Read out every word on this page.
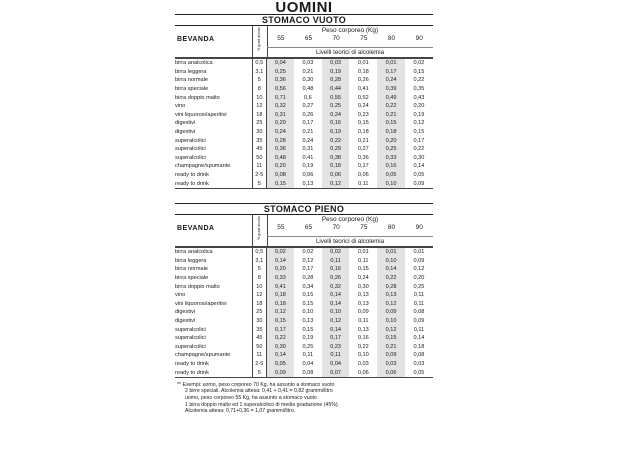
UOMINI
STOMACO VUOTO
BEVANDA	% gradi alcolici	Peso corporeo (Kg)
55	65	70	75	80	90
Livelli teorici di alcolemia
birra analcolica	0,5	0,04	0,03	0,03	0,01	0,01	0,02
birra leggera	3,1	0,25	0,21	0,19	0,18	0,17	0,15
birra normale	5	0,36	0,30	0,28	0,26	0,24	0,22
birra speciale	8	0,56	0,48	0,44	0,41	0,39	0,35
birra doppio malto	10	0,71	0,6	0,55	0,52	0,49	0,43
vino	12	0,32	0,27	0,25	0,24	0,22	0,20
vini liquorosi/aperitivi	18	0,31	0,26	0,24	0,23	0,21	0,19
digestivi	25	0,20	0,17	0,16	0,15	0,15	0,12
digestivi	30	0,24	0,21	0,19	0,18	0,18	0,15
superalcolici	35	0,28	0,24	0,22	0,21	0,20	0,17
superalcolici	45	0,36	0,31	0,29	0,27	0,25	0,22
superalcolici	50	0,48	0,41	0,38	0,36	0,33	0,30
champagne/spumante	11	0,20	0,19	0,18	0,17	0,16	0,14
ready to drink	2-5	0,08	0,06	0,06	0,06	0,05	0,05
ready to drink	5	0,15	0,13	0,12	0,11	0,10	0,09
STOMACO PIENO
BEVANDA	% gradi alcolici	Peso corporeo (Kg)
55	65	70	75	80	90
Livelli teorici di alcolemia
birra analcolica	0,5	0,02	0,02	0,02	0,01	0,01	0,01
birra leggera	3,1	0,14	0,12	0,11	0,11	0,10	0,09
birra normale	5	0,20	0,17	0,16	0,15	0,14	0,12
birra speciale	8	0,33	0,28	0,26	0,24	0,22	0,20
birra doppio malto	10	0,41	0,34	0,32	0,30	0,28	0,25
vino	12	0,18	0,15	0,14	0,13	0,13	0,11
vini liquorosi/aperitivi	18	0,18	0,15	0,14	0,13	0,12	0,11
digestivi	25	0,12	0,10	0,10	0,09	0,09	0,08
digestivi	30	0,15	0,13	0,12	0,11	0,10	0,09
superalcolici	35	0,17	0,15	0,14	0,13	0,12	0,11
superalcolici	45	0,22	0,19	0,17	0,16	0,15	0,14
superalcolici	50	0,30	0,25	0,23	0,22	0,21	0,18
champagne/spumante	11	0,14	0,11	0,11	0,10	0,09	0,08
ready to drink	2-5	0,05	0,04	0,04	0,03	0,03	0,03
ready to drink	5	0,09	0,08	0,07	0,06	0,06	0,05
** Esempi: uomo, peso corporeo 70 Kg, ha assunto a stomaco vuoto
2 birre speciali. Alcolemia attesa: 0,41 + 0,41 = 0,82 grammi/litro
uomo, peso corporeo 55 Kg, ha assunto a stomaco vuoto
1 birra doppio malto ed 1 superalcolico di media gradazione (45%).
Alcolemia attesa: 0,71+0,36 = 1,07 grammi/litro.
